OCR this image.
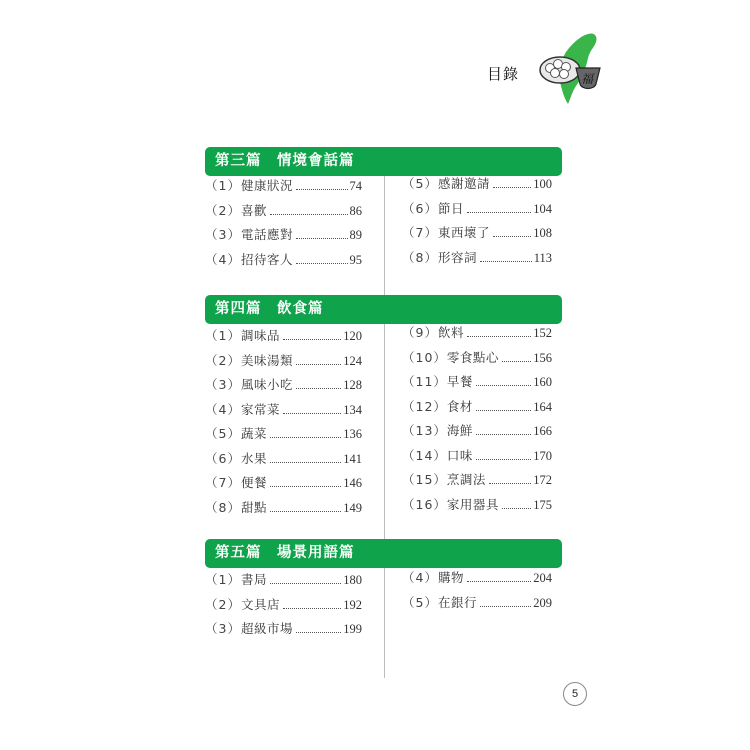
目錄	福
第三篇　情境會話篇
（1） 健康狀況	74
（2） 喜歡	86
（3） 電話應對	89
（4） 招待客人	95
（5） 感謝邀請	100
（6） 節日	104
（7） 東西壞了	108
（8） 形容詞	113
第四篇　飲食篇
（1） 調味品	120
（2） 美味湯類	124
（3） 風味小吃	128
（4） 家常菜	134
（5） 蔬菜	136
（6） 水果	141
（7） 便餐	146
（8） 甜點	149
（9） 飲料	152
（10） 零食點心	156
（11） 早餐	160
（12） 食材	164
（13） 海鮮	166
（14） 口味	170
（15） 烹調法	172
（16） 家用器具	175
第五篇　場景用語篇
（1） 書局	180
（2） 文具店	192
（3） 超級市場	199
（4） 購物	204
（5） 在銀行	209
5
